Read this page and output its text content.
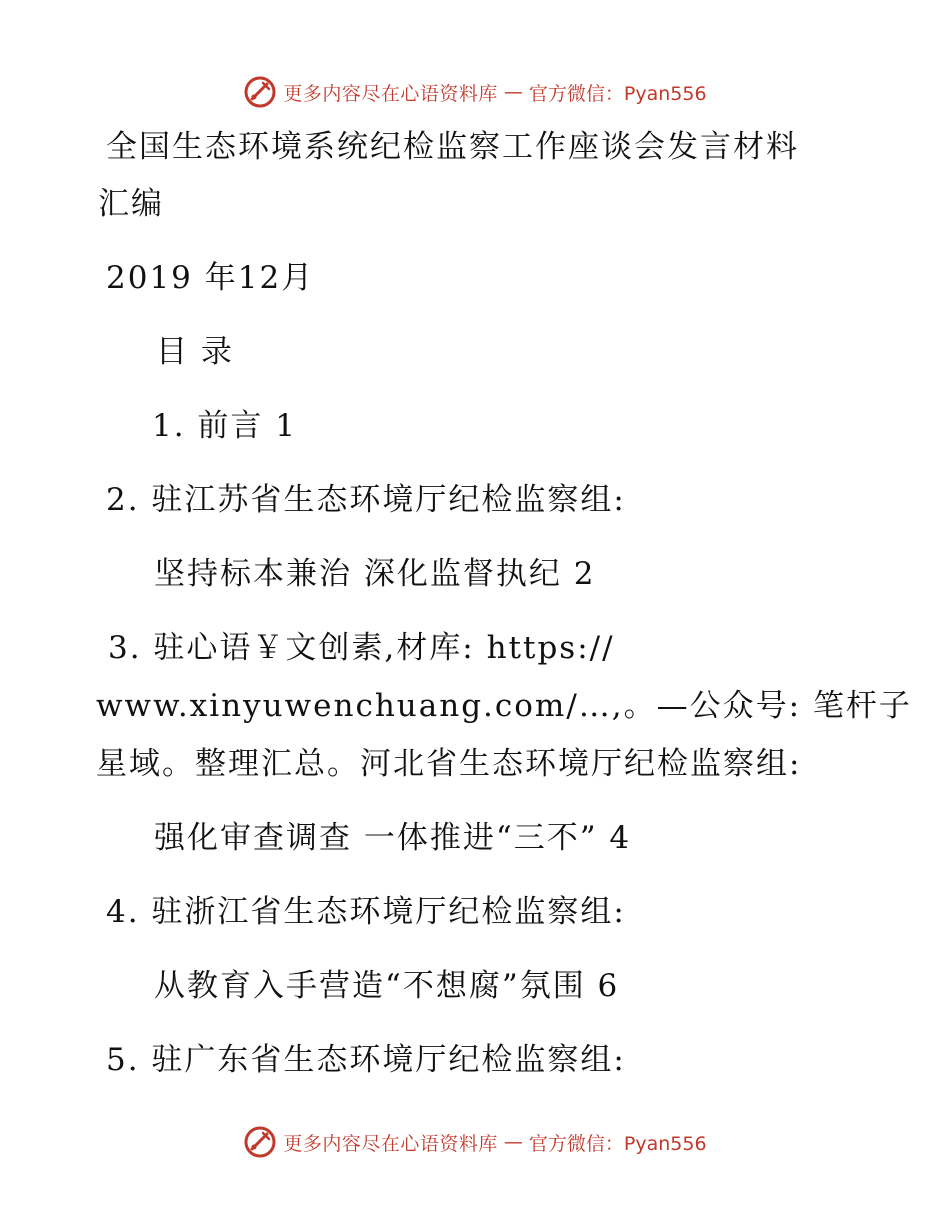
更多内容尽在心语资料库 — 官方微信：Pyan556
全国生态环境系统纪检监察工作座谈会发言材料
汇编
2019 年12月
目 录
1. 前言 1
2. 驻江苏省生态环境厅纪检监察组:
坚持标本兼治 深化监督执纪 2
3. 驻心语￥文创素,材库: https://
www.xinyuwenchuang.com/…,。—公众号: 笔杆子
星域。整理汇总。河北省生态环境厅纪检监察组:
强化审查调查 一体推进“三不” 4
4. 驻浙江省生态环境厅纪检监察组:
从教育入手营造“不想腐”氛围 6
5. 驻广东省生态环境厅纪检监察组:
更多内容尽在心语资料库 — 官方微信：Pyan556
